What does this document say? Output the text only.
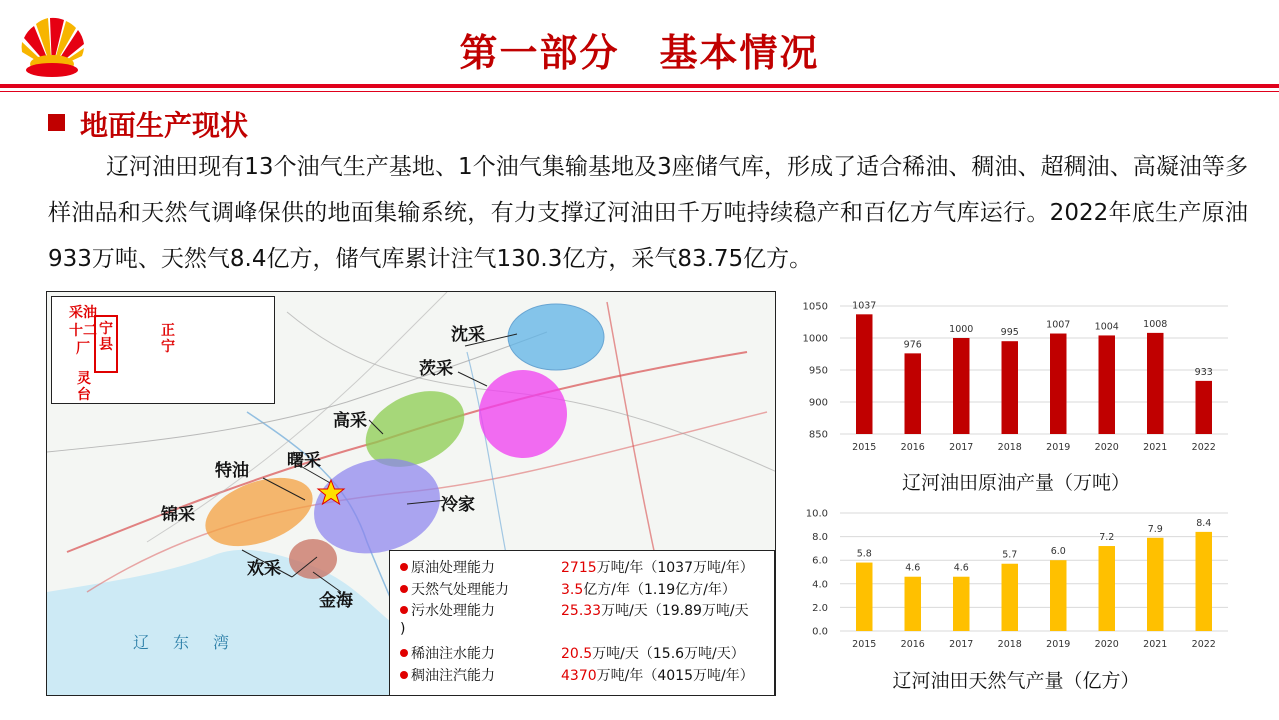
第一部分　基本情况
地面生产现状
辽河油田现有13个油气生产基地、1个油气集输基地及3座储气库，形成了适合稀油、稠油、超稠油、高凝油等多样油品和天然气调峰保供的地面集输系统，有力支撑辽河油田千万吨持续稳产和百亿方气库运行。2022年底生产原油933万吨、天然气8.4亿方，储气库累计注气130.3亿方，采气83.75亿方。
采油
十二
厂
宁县
灵台
正宁
沈采
茨采
高采
曙采
特油
锦采	冷家
欢采
金海
辽　东　湾
原油处理能力	2715万吨/年（1037万吨/年）
天然气处理能力	3.5亿方/年（1.19亿方/年）
污水处理能力	25.33万吨/天（19.89万吨/天
)
稀油注水能力	20.5万吨/天（15.6万吨/天）
稠油注汽能力	4370万吨/年（4015万吨/年）
850
900
950
1000
1050	1037
2015
976
2016
1000
2017
995
2018
1007
2019
1004
2020
1008
2021
933
2022
辽河油田原油产量（万吨）
0.0
2.0
4.0
6.0
8.0
10.0
5.8
2015
4.6
2016
4.6
2017
5.7
2018
6.0
2019
7.2
2020
7.9
2021
8.4
2022
辽河油田天然气产量（亿方）
